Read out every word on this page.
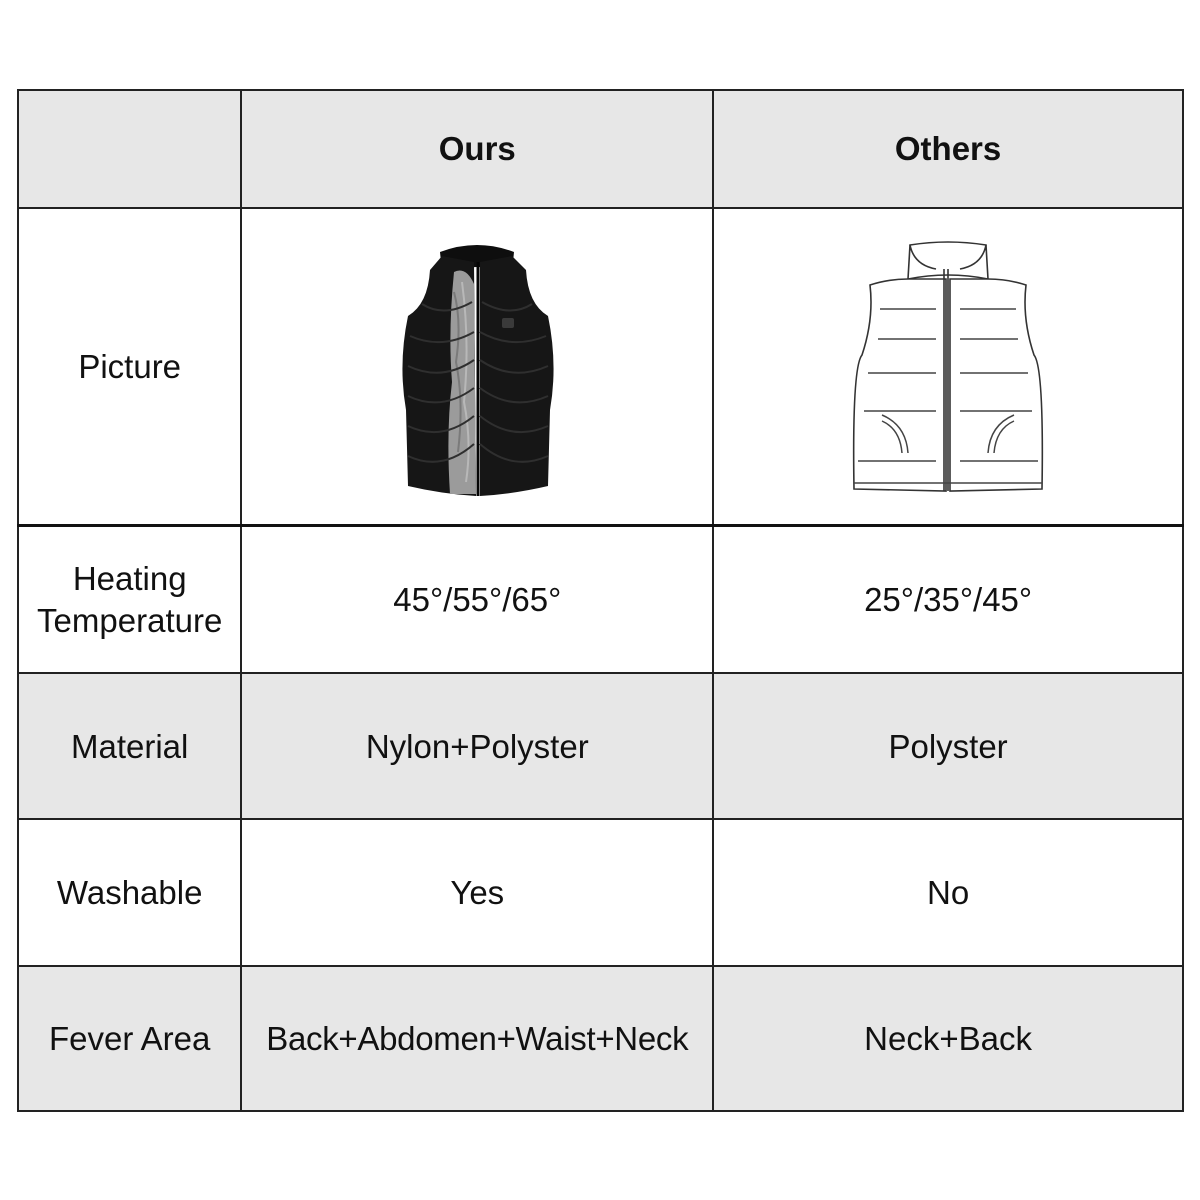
	Ours	Others
Picture	

Heating Temperature	45°/55°/65°	25°/35°/45°
Material	Nylon+Polyster	Polyster
Washable	Yes	No
Fever Area	Back+Abdomen+Waist+Neck	Neck+Back
